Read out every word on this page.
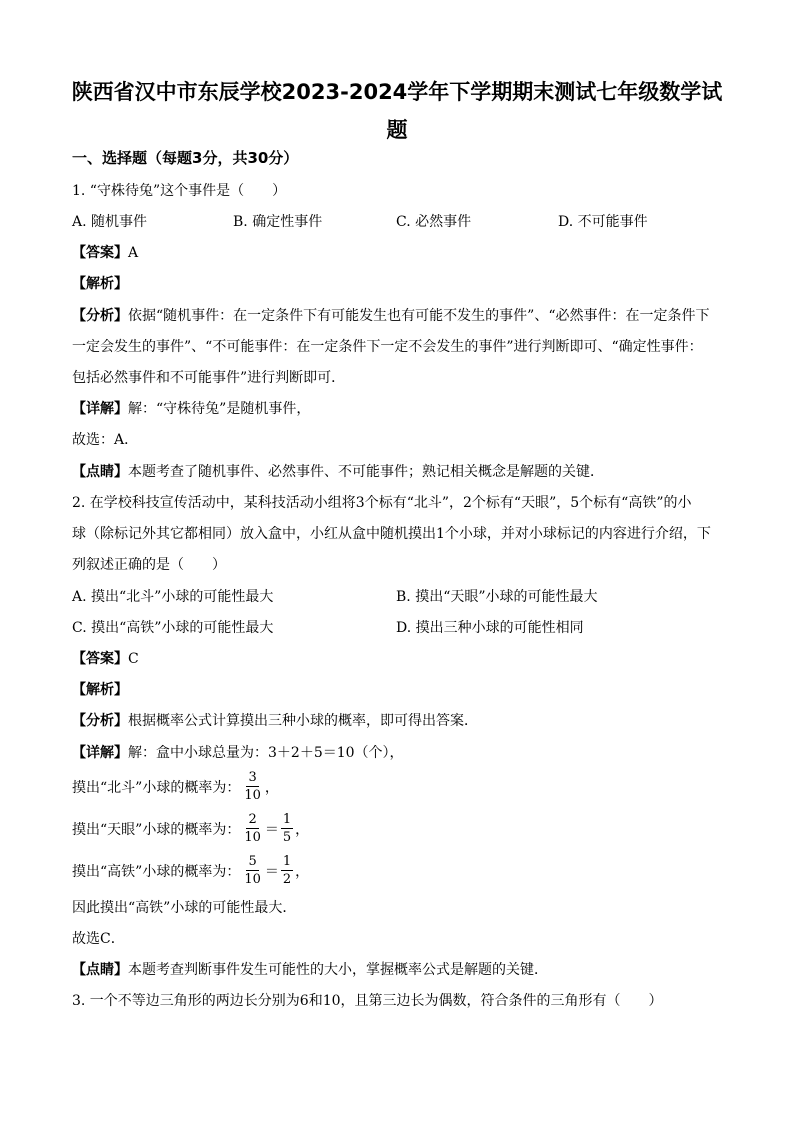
陕西省汉中市东辰学校2023-2024学年下学期期末测试七年级数学试
题
一、选择题（每题3分，共30分）
1. “守株待兔”这个事件是（　　）
A. 随机事件	B. 确定性事件	C. 必然事件	D. 不可能事件
【答案】A
【解析】
【分析】依据“随机事件：在一定条件下有可能发生也有可能不发生的事件”、“必然事件：在一定条件下
一定会发生的事件”、“不可能事件：在一定条件下一定不会发生的事件”进行判断即可、“确定性事件：
包括必然事件和不可能事件”进行判断即可．
【详解】解：“守株待兔”是随机事件，
故选：A．
【点睛】本题考查了随机事件、必然事件、不可能事件；熟记相关概念是解题的关键．
2. 在学校科技宣传活动中，某科技活动小组将3个标有“北斗”，2个标有“天眼”，5个标有“高铁”的小
球（除标记外其它都相同）放入盒中，小红从盒中随机摸出1个小球，并对小球标记的内容进行介绍，下
列叙述正确的是（　　）
A. 摸出“北斗”小球的可能性最大	B. 摸出“天眼”小球的可能性最大
C. 摸出“高铁”小球的可能性最大	D. 摸出三种小球的可能性相同
【答案】C
【解析】
【分析】根据概率公式计算摸出三种小球的概率，即可得出答案．
【详解】解：盒中小球总量为：3＋2＋5＝10（个），
摸出“北斗”小球的概率为： $\frac{3}{10}$ ，
摸出“天眼”小球的概率为： $\frac{2}{10} = \frac{1}{5}$ ，
摸出“高铁”小球的概率为： $\frac{5}{10} = \frac{1}{2}$ ，
因此摸出“高铁”小球的可能性最大．
故选C．
【点睛】本题考查判断事件发生可能性的大小，掌握概率公式是解题的关键．
3. 一个不等边三角形的两边长分别为6和10，且第三边长为偶数，符合条件的三角形有（　　）
